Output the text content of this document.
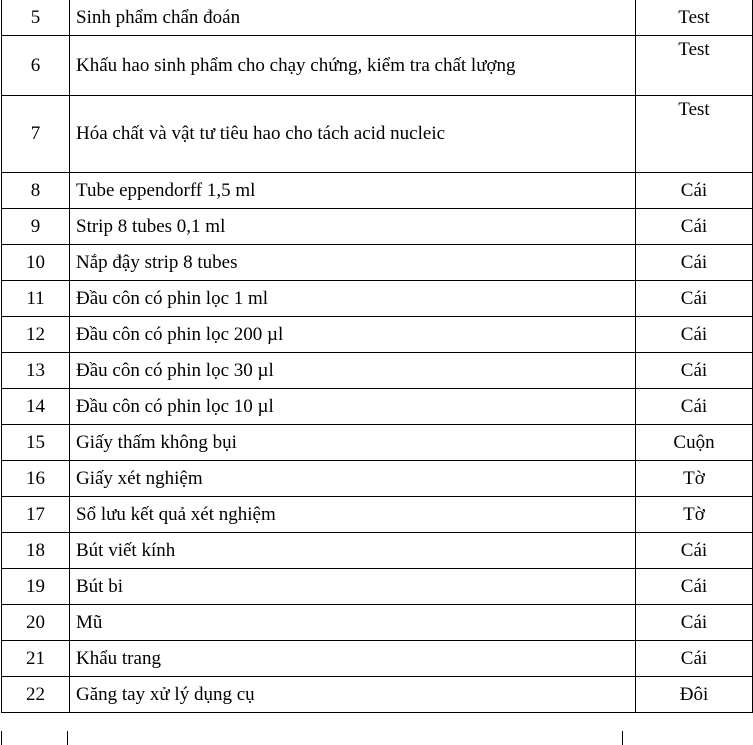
5	Sinh phẩm chẩn đoán	Test
6	Khấu hao sinh phẩm cho chạy chứng, kiểm tra chất lượng	Test
7	Hóa chất và vật tư tiêu hao cho tách acid nucleic	Test
8	Tube eppendorff 1,5 ml	Cái
9	Strip 8 tubes 0,1 ml	Cái
10	Nắp đậy strip 8 tubes	Cái
11	Đầu côn có phin lọc 1 ml	Cái
12	Đầu côn có phin lọc 200 µl	Cái
13	Đầu côn có phin lọc 30 µl	Cái
14	Đầu côn có phin lọc 10 µl	Cái
15	Giấy thấm không bụi	Cuộn
16	Giấy xét nghiệm	Tờ
17	Sổ lưu kết quả xét nghiệm	Tờ
18	Bút viết kính	Cái
19	Bút bi	Cái
20	Mũ	Cái
21	Khẩu trang	Cái
22	Găng tay xử lý dụng cụ	Đôi
